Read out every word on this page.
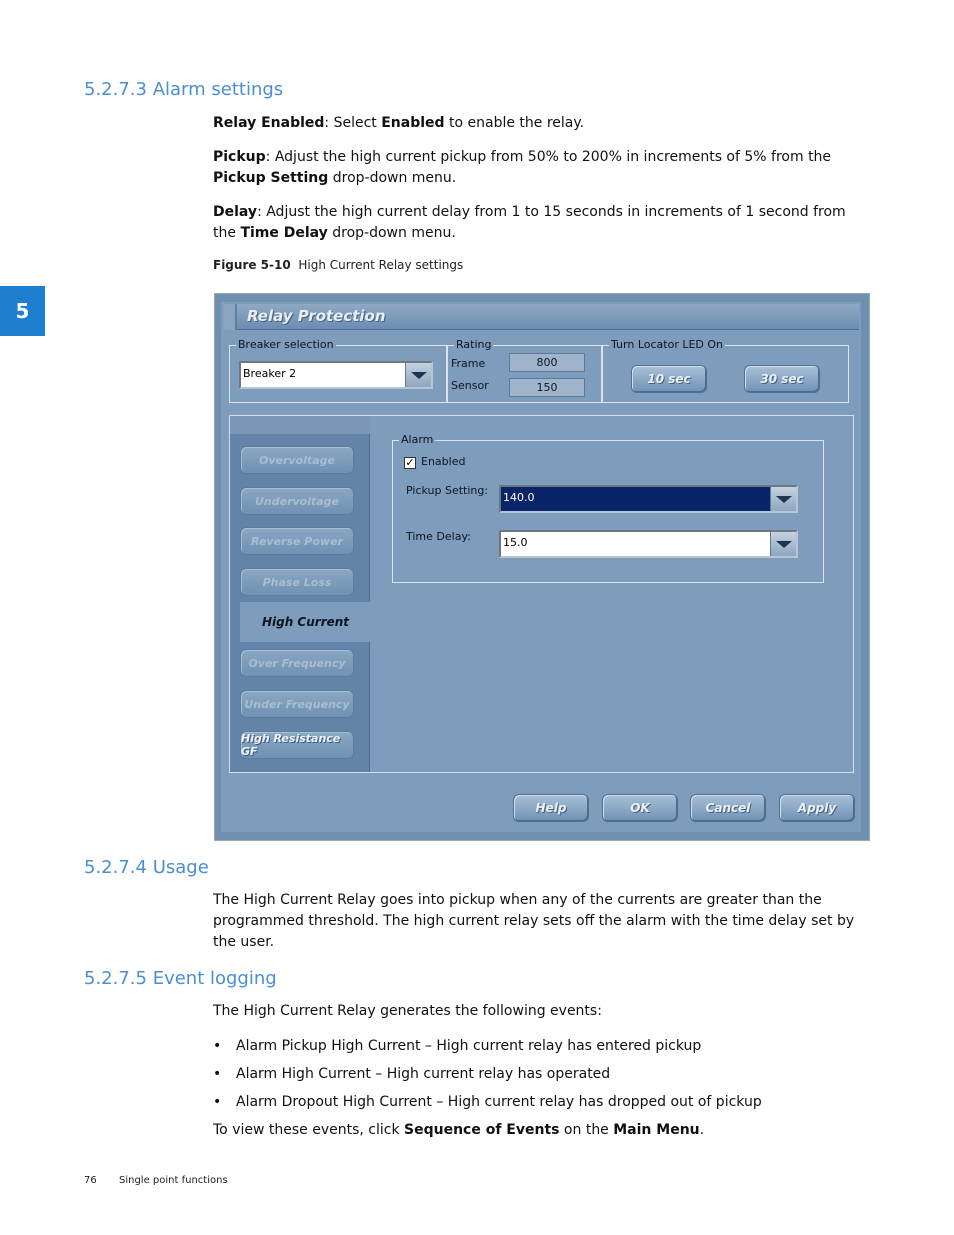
5
5.2.7.3 Alarm settings
Relay Enabled: Select Enabled to enable the relay.
Pickup: Adjust the high current pickup from 50% to 200% in increments of 5% from the Pickup Setting drop-down menu.
Delay: Adjust the high current delay from 1 to 15 seconds in increments of 1 second from the Time Delay drop-down menu.
Figure 5-10 High Current Relay settings
Relay Protection
Breaker selection
Breaker 2
Rating
Frame	800
Sensor	150
Turn Locator LED On
10 sec	30 sec
Overvoltage
Undervoltage
Reverse Power
Phase Loss
High Current
Over Frequency
Under Frequency
High Resistance GF
Alarm
✓ Enabled
Pickup Setting:
140.0
Time Delay:	15.0
Help	OK	Cancel	Apply
5.2.7.4 Usage
The High Current Relay goes into pickup when any of the currents are greater than the programmed threshold. The high current relay sets off the alarm with the time delay set by the user.
5.2.7.5 Event logging
The High Current Relay generates the following events:
• Alarm Pickup High Current – High current relay has entered pickup
• Alarm High Current – High current relay has operated
• Alarm Dropout High Current – High current relay has dropped out of pickup
To view these events, click Sequence of Events on the Main Menu.
76 Single point functions
